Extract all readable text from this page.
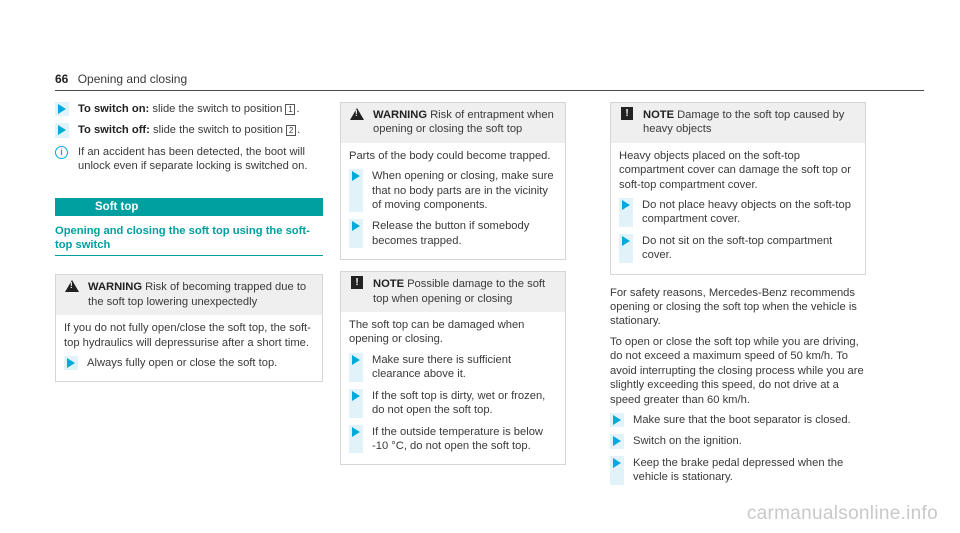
66 Opening and closing
To switch on: slide the switch to position 1 .
To switch off: slide the switch to position 2 .
i	If an accident has been detected, the boot will unlock even if separate locking is switched on.
Soft top
Opening and closing the soft top using the soft-top switch
!
WARNING Risk of becoming trapped due to the soft top lowering unexpectedly

If you do not fully open/close the soft top, the soft-top hydraulics will depressurise after a short time.

Always fully open or close the soft top.
!
WARNING Risk of entrapment when opening or closing the soft top

Parts of the body could become trapped.

When opening or closing, make sure that no body parts are in the vicinity of moving components.
Release the button if somebody becomes trapped.
!	NOTE Possible damage to the soft top when opening or closing

The soft top can be damaged when opening or closing.

Make sure there is sufficient clearance above it.
If the soft top is dirty, wet or frozen, do not open the soft top.
If the outside temperature is below -10 °C, do not open the soft top.
!	NOTE Damage to the soft top caused by heavy objects

Heavy objects placed on the soft-top compartment cover can damage the soft top or soft-top compartment cover.

Do not place heavy objects on the soft-top compartment cover.
Do not sit on the soft-top compartment cover.

For safety reasons, Mercedes-Benz recommends opening or closing the soft top when the vehicle is stationary.

To open or close the soft top while you are driving, do not exceed a maximum speed of 50 km/h. To avoid interrupting the closing process while you are slightly exceeding this speed, do not drive at a speed greater than 60 km/h.

Make sure that the boot separator is closed.
Switch on the ignition.
Keep the brake pedal depressed when the vehicle is stationary.
carmanualsonline.info
